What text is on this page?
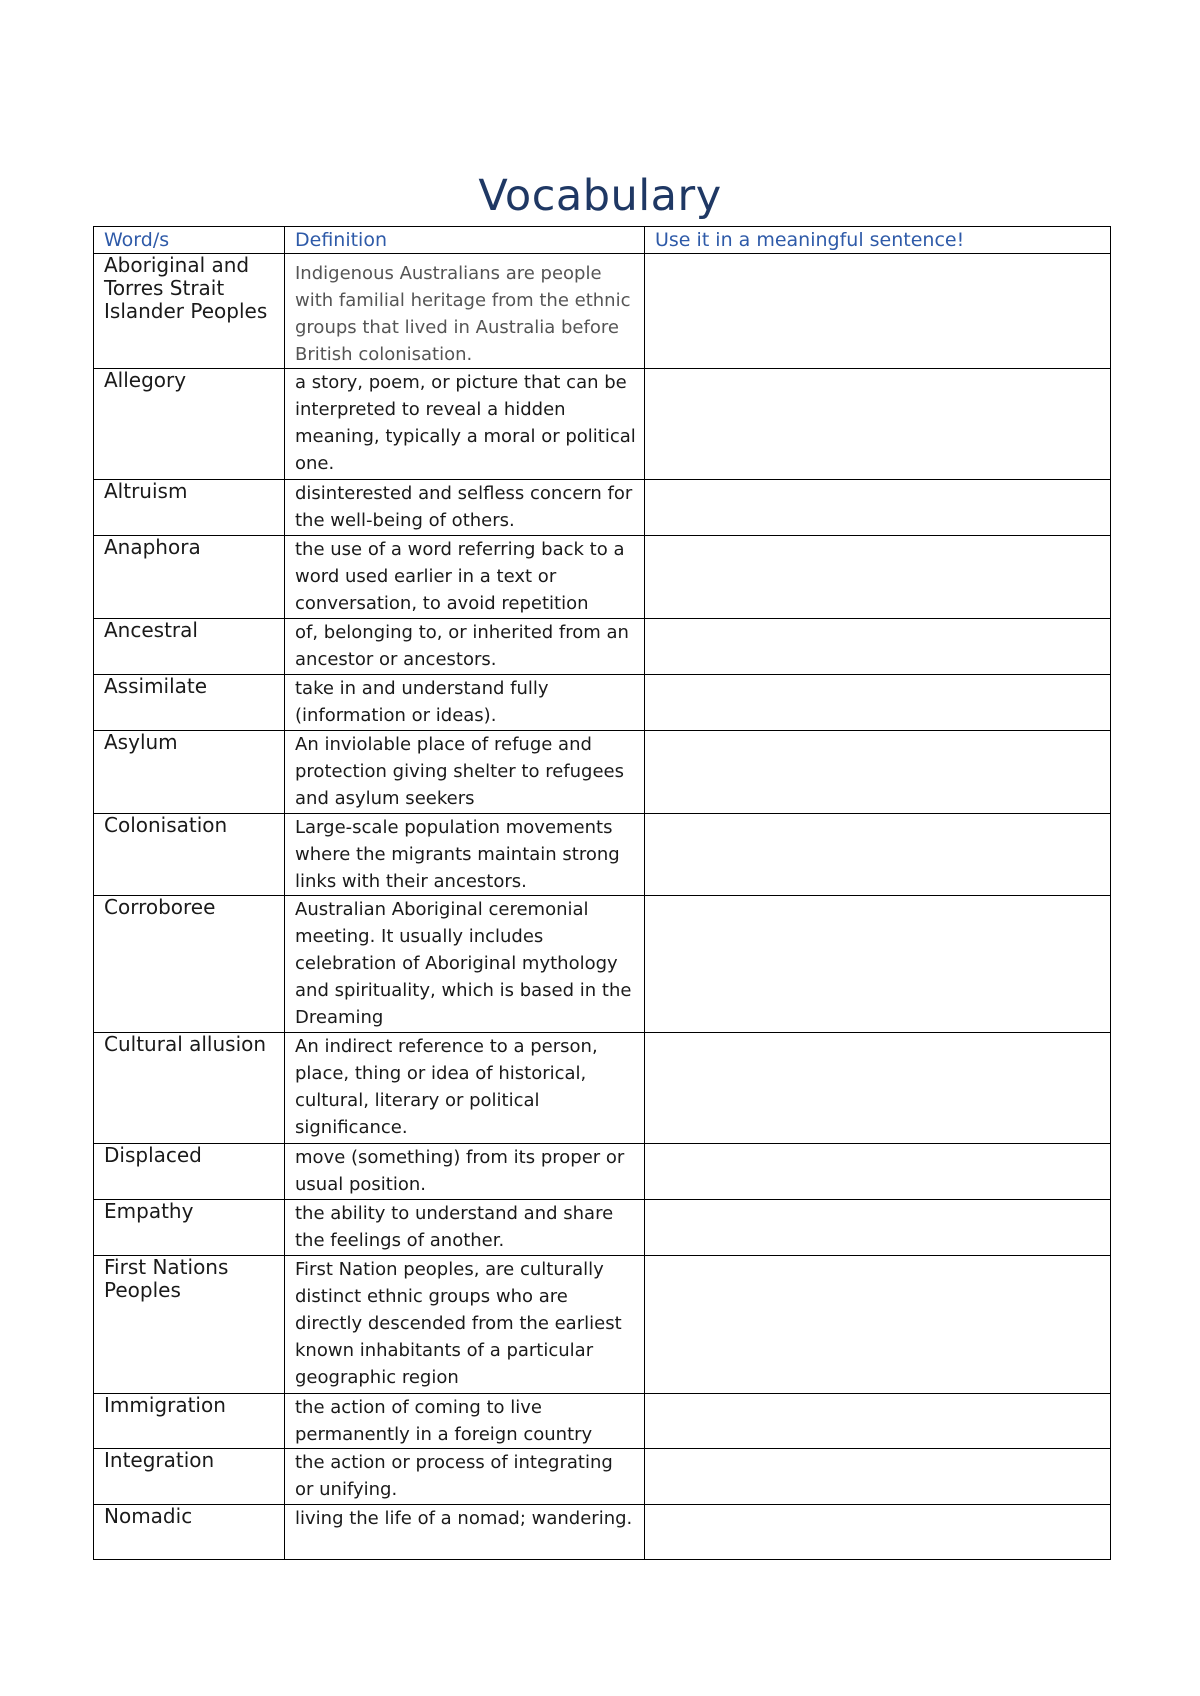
Vocabulary
Word/s	Definition	Use it in a meaningful sentence!
Aboriginal and Torres Strait Islander Peoples	Indigenous Australians are people with familial heritage from the ethnic groups that lived in Australia before British colonisation.	
Allegory	a story, poem, or picture that can be interpreted to reveal a hidden meaning, typically a moral or political one.	
Altruism	disinterested and selfless concern for the well-being of others.	
Anaphora	the use of a word referring back to a word used earlier in a text or conversation, to avoid repetition	
Ancestral	of, belonging to, or inherited from an ancestor or ancestors.	
Assimilate	take in and understand fully (information or ideas).	
Asylum	An inviolable place of refuge and protection giving shelter to refugees and asylum seekers	
Colonisation	Large-scale population movements where the migrants maintain strong links with their ancestors.	
Corroboree	Australian Aboriginal ceremonial meeting. It usually includes celebration of Aboriginal mythology and spirituality, which is based in the Dreaming	
Cultural allusion	An indirect reference to a person, place, thing or idea of historical, cultural, literary or political significance.	
Displaced	move (something) from its proper or usual position.	
Empathy	the ability to understand and share the feelings of another.	
First Nations Peoples	First Nation peoples, are culturally distinct ethnic groups who are directly descended from the earliest known inhabitants of a particular geographic region	
Immigration	the action of coming to live permanently in a foreign country	
Integration	the action or process of integrating or unifying.	
Nomadic	living the life of a nomad; wandering.	
